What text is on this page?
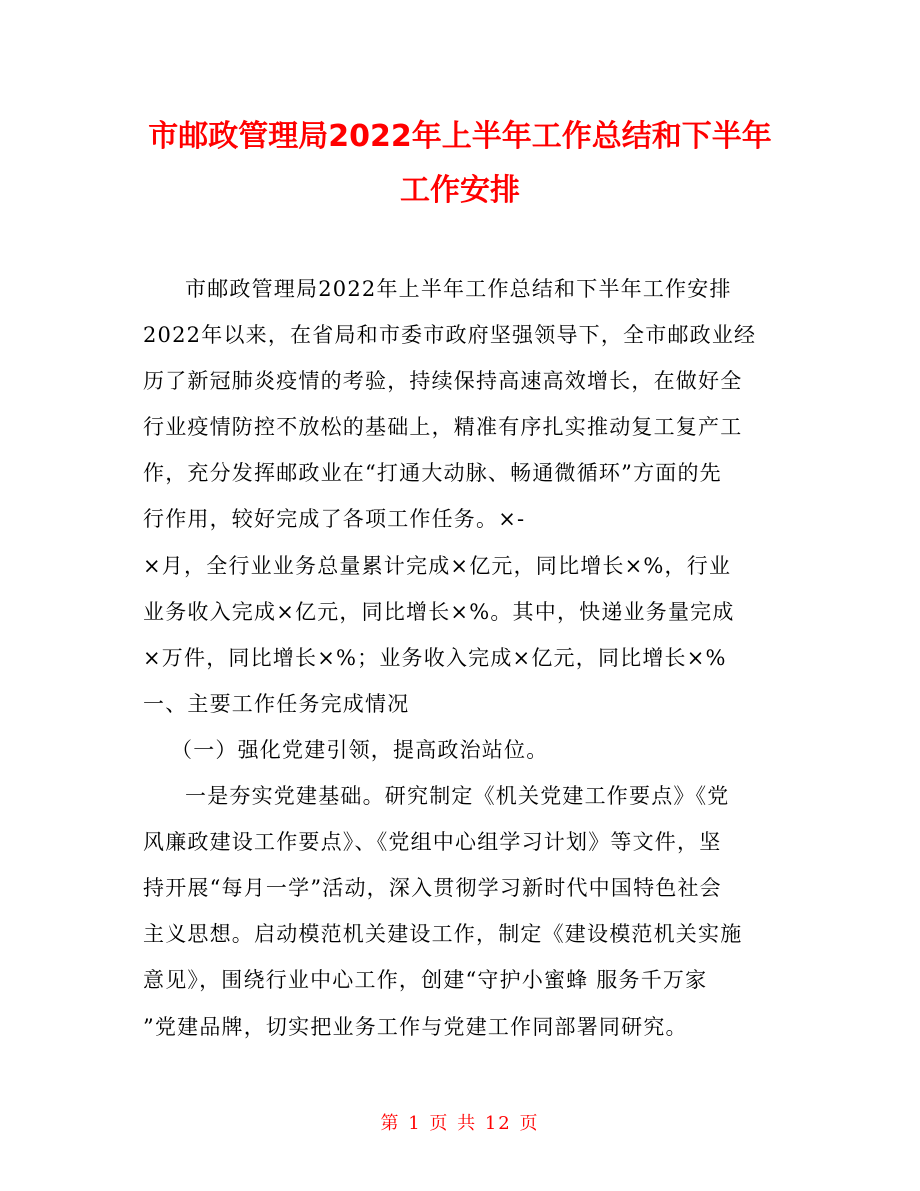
市邮政管理局2022年上半年工作总结和下半年
工作安排
市邮政管理局2022年上半年工作总结和下半年工作安排
2022年以来，在省局和市委市政府坚强领导下，全市邮政业经
历了新冠肺炎疫情的考验，持续保持高速高效增长，在做好全
行业疫情防控不放松的基础上，精准有序扎实推动复工复产工
作，充分发挥邮政业在“打通大动脉、畅通微循环”方面的先
行作用，较好完成了各项工作任务。×-
×月，全行业业务总量累计完成×亿元，同比增长×%，行业
业务收入完成×亿元，同比增长×%。其中，快递业务量完成
×万件，同比增长×%；业务收入完成×亿元，同比增长×%
一、主要工作任务完成情况
（一）强化党建引领，提高政治站位。
一是夯实党建基础。研究制定《机关党建工作要点》《党
风廉政建设工作要点》、《党组中心组学习计划》等文件，坚
持开展“每月一学”活动，深入贯彻学习新时代中国特色社会
主义思想。启动模范机关建设工作，制定《建设模范机关实施
意见》，围绕行业中心工作，创建“守护小蜜蜂 服务千万家
”党建品牌，切实把业务工作与党建工作同部署同研究。
第 1 页 共 12 页
